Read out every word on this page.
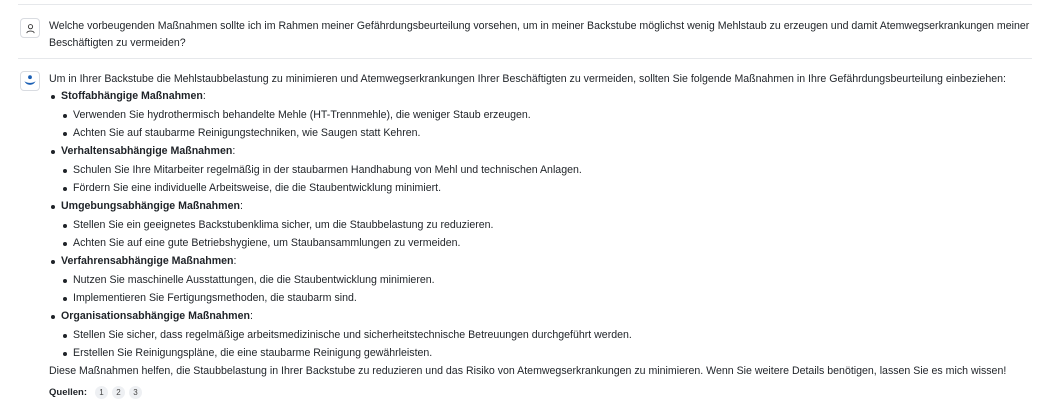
Welche vorbeugenden Maßnahmen sollte ich im Rahmen meiner Gefährdungsbeurteilung vorsehen, um in meiner Backstube möglichst wenig Mehlstaub zu erzeugen und damit Atemwegserkrankungen meiner Beschäftigten zu vermeiden?

Um in Ihrer Backstube die Mehlstaubbelastung zu minimieren und Atemwegserkrankungen Ihrer Beschäftigten zu vermeiden, sollten Sie folgende Maßnahmen in Ihre Gefährdungsbeurteilung einbeziehen:

Stoffabhängige Maßnahmen:
Verwenden Sie hydrothermisch behandelte Mehle (HT-Trennmehle), die weniger Staub erzeugen.
Achten Sie auf staubarme Reinigungstechniken, wie Saugen statt Kehren.
Verhaltensabhängige Maßnahmen:
Schulen Sie Ihre Mitarbeiter regelmäßig in der staubarmen Handhabung von Mehl und technischen Anlagen.
Fördern Sie eine individuelle Arbeitsweise, die die Staubentwicklung minimiert.
Umgebungsabhängige Maßnahmen:
Stellen Sie ein geeignetes Backstubenklima sicher, um die Staubbelastung zu reduzieren.
Achten Sie auf eine gute Betriebshygiene, um Staubansammlungen zu vermeiden.
Verfahrensabhängige Maßnahmen:
Nutzen Sie maschinelle Ausstattungen, die die Staubentwicklung minimieren.
Implementieren Sie Fertigungsmethoden, die staubarm sind.
Organisationsabhängige Maßnahmen:
Stellen Sie sicher, dass regelmäßige arbeitsmedizinische und sicherheitstechnische Betreuungen durchgeführt werden.
Erstellen Sie Reinigungspläne, die eine staubarme Reinigung gewährleisten.

Diese Maßnahmen helfen, die Staubbelastung in Ihrer Backstube zu reduzieren und das Risiko von Atemwegserkrankungen zu minimieren. Wenn Sie weitere Details benötigen, lassen Sie es mich wissen!

Quellen:	1	2	3
